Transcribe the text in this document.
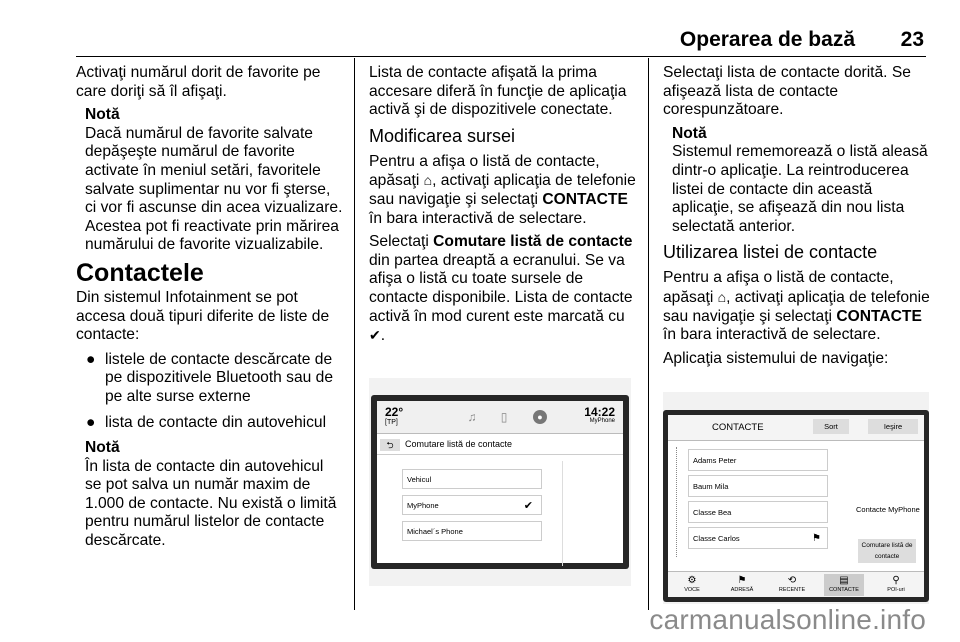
Operarea de bază 23

Activaţi numărul dorit de favorite pe care doriţi să îl afişaţi.

Notă
Dacă numărul de favorite salvate depăşeşte numărul de favorite activate în meniul setări, favoritele salvate suplimentar nu vor fi şterse, ci vor fi ascunse din acea vizualizare. Acestea pot fi reactivate prin mărirea numărului de favorite vizualizabile.
Contactele

Din sistemul Infotainment se pot accesa două tipuri diferite de liste de contacte:

● listele de contacte descărcate de pe dispozitivele Bluetooth sau de pe alte surse externe
● lista de contacte din autovehicul
Notă
În lista de contacte din autovehicul se pot salva un număr maxim de 1.000 de contacte. Nu există o limită pentru numărul listelor de contacte descărcate.

Lista de contacte afişată la prima accesare diferă în funcţie de aplicaţia activă şi de dispozitivele conectate.

Modificarea sursei

Pentru a afişa o listă de contacte, apăsaţi ⌂, activaţi aplicaţia de telefonie sau navigaţie şi selectaţi CONTACTE în bara interactivă de selectare.

Selectaţi Comutare listă de contacte din partea dreaptă a ecranului. Se va afişa o listă cu toate sursele de contacte disponibile. Lista de contacte activă în mod curent este marcată cu ✔.

22°
[TP]	♫	▯	●	14:22
MyPhone
⮌	Comutare listă de contacte
Vehicul
MyPhone	✔
Michael´s Phone

Selectaţi lista de contacte dorită. Se afişează lista de contacte corespunzătoare.

Notă
Sistemul rememorează o listă aleasă dintr-o aplicaţie. La reintroducerea listei de contacte din această aplicaţie, se afişează din nou lista selectată anterior.
Utilizarea listei de contacte

Pentru a afişa o listă de contacte, apăsaţi ⌂, activaţi aplicaţia de telefonie sau navigaţie şi selectaţi CONTACTE în bara interactivă de selectare.

Aplicaţia sistemului de navigaţie:

CONTACTE	Sort	Ieşire
Adams Peter
Baum Mila
Classe Bea
Classe Carlos	⚑
Contacte MyPhone
Comutare listă de contacte
⚙
VOCE
⚑
ADRESĂ
⟲
RECENTE
▤
CONTACTE
⚲
POI-uri
carmanualsonline.info
